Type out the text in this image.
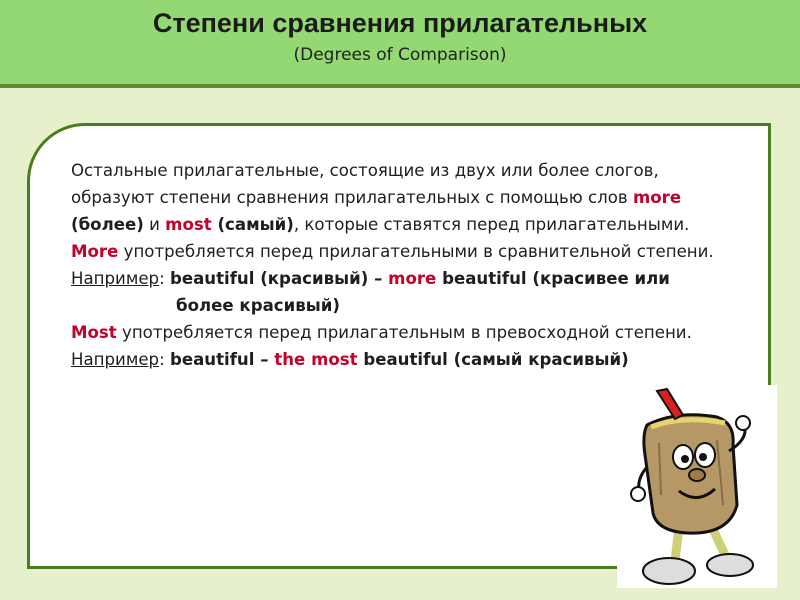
Степени сравнения прилагательных
(Degrees of Comparison)

Остальные прилагательные, состоящие из двух или более слогов, образуют степени сравнения прилагательных с помощью слов more (более) и most (самый), которые ставятся перед прилагательными.

More употребляется перед прилагательными в сравнительной степени.

Например: beautiful (красивый) – more beautiful (красивее или

более красивый)

Most употребляется перед прилагательным в превосходной степени.

Например: beautiful – the most beautiful (самый красивый)
